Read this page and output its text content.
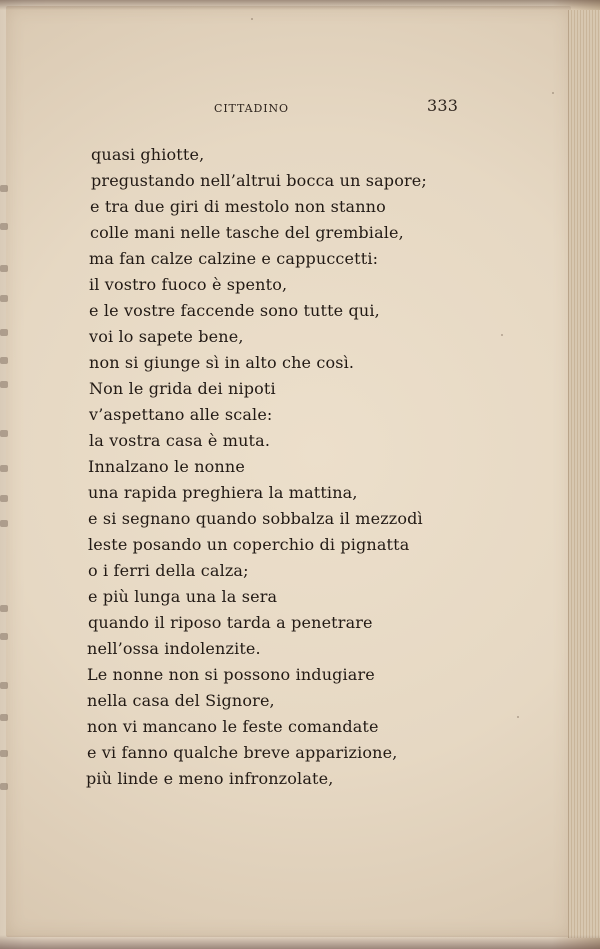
CITTADINO	333
quasi ghiotte,
pregustando nell’altrui bocca un sapore;
e tra due giri di mestolo non stanno
colle mani nelle tasche del grembiale,
ma fan calze calzine e cappuccetti:
il vostro fuoco è spento,
e le vostre faccende sono tutte qui,
voi lo sapete bene,
non si giunge sì in alto che così.
Non le grida dei nipoti
v’aspettano alle scale:
la vostra casa è muta.
Innalzano le nonne
una rapida preghiera la mattina,
e si segnano quando sobbalza il mezzodì
leste posando un coperchio di pignatta
o i ferri della calza;
e più lunga una la sera
quando il riposo tarda a penetrare
nell’ossa indolenzite.
Le nonne non si possono indugiare
nella casa del Signore,
non vi mancano le feste comandate
e vi fanno qualche breve apparizione,
più linde e meno infronzolate,
